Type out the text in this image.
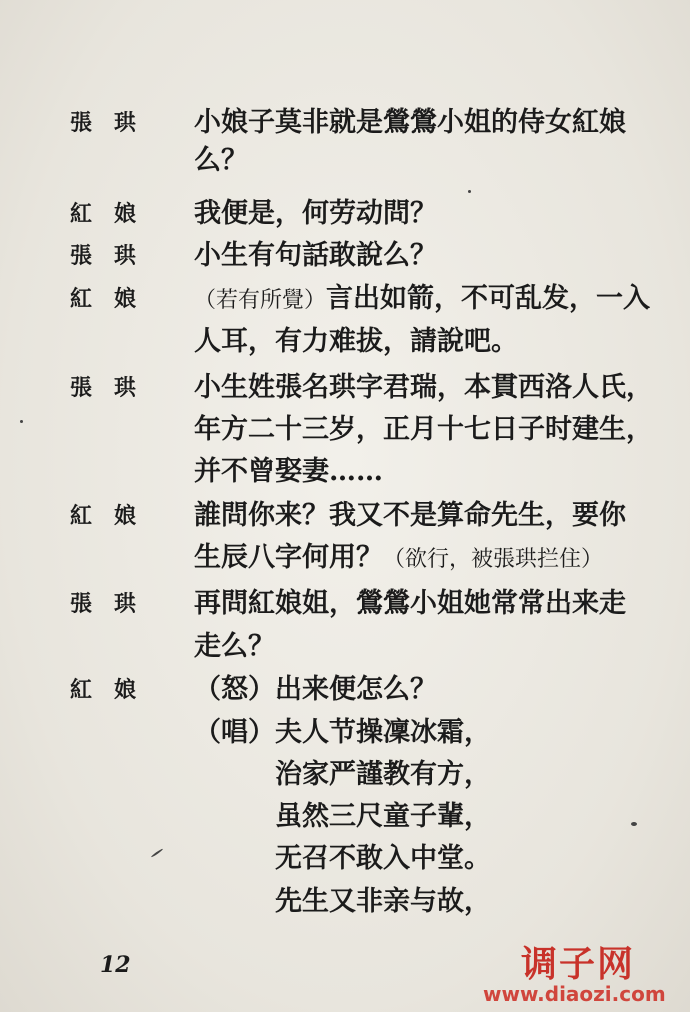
張　珙 小娘子莫非就是鶯鶯小姐的侍女紅娘
么？
紅　娘 我便是，何劳动問？
張　珙 小生有句話敢說么？
紅　娘	（若有所覺）言出如箭，不可乱发，一入
人耳，有力难拔，請說吧。
張　珙 小生姓張名珙字君瑞，本貫西洛人氏，
年方二十三岁，正月十七日子时建生，
并不曾娶妻……
紅　娘 誰問你来？我又不是算命先生，要你
生辰八字何用？（欲行，被張珙拦住）
張　珙 再問紅娘姐，鶯鶯小姐她常常出来走
走么？
紅　娘 （怒）出来便怎么？
（唱）夫人节操凜冰霜，
　　　治家严謹教有方，
　　　虽然三尺童子輩，
　　　无召不敢入中堂。
　　　先生又非亲与故，
12	调子网
www.diaozi.com
